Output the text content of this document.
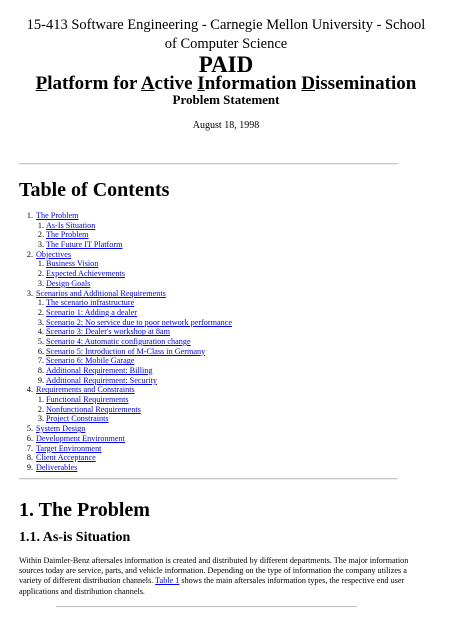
15-413 Software Engineering - Carnegie Mellon University - School
of Computer Science
PAID
Platform for Active Information Dissemination
Problem Statement
August 18, 1998
Table of Contents
1. The Problem
1. As-Is Situation
2. The Problem
3. The Future IT Platform
2. Objectives
1. Business Vision
2. Expected Achievements
3. Design Goals
3. Scenarios and Additional Requirements
1. The scenario infrastructure
2. Scenario 1: Adding a dealer
3. Scenario 2: No service due to poor network performance
4. Scenario 3: Dealer's workshop at 8am
5. Scenario 4: Automatic configuration change
6. Scenario 5: Introduction of M-Class in Germany
7. Scenario 6: Mobile Garage
8. Additional Requirement: Billing
9. Additional Requirement: Security
4. Requirements and Constraints
1. Functional Requirements
2. Nonfunctional Requirements
3. Project Constraints
5. System Design
6. Development Environment
7. Target Environment
8. Client Acceptance
9. Deliverables
1. The Problem
1.1. As-is Situation
Within Daimler-Benz aftersales information is created and distributed by different departments. The major information sources today are service, parts, and vehicle information. Depending on the type of information the company utilizes a variety of different distribution channels. Table 1 shows the main aftersales information types, the respective end user applications and distribution channels.
